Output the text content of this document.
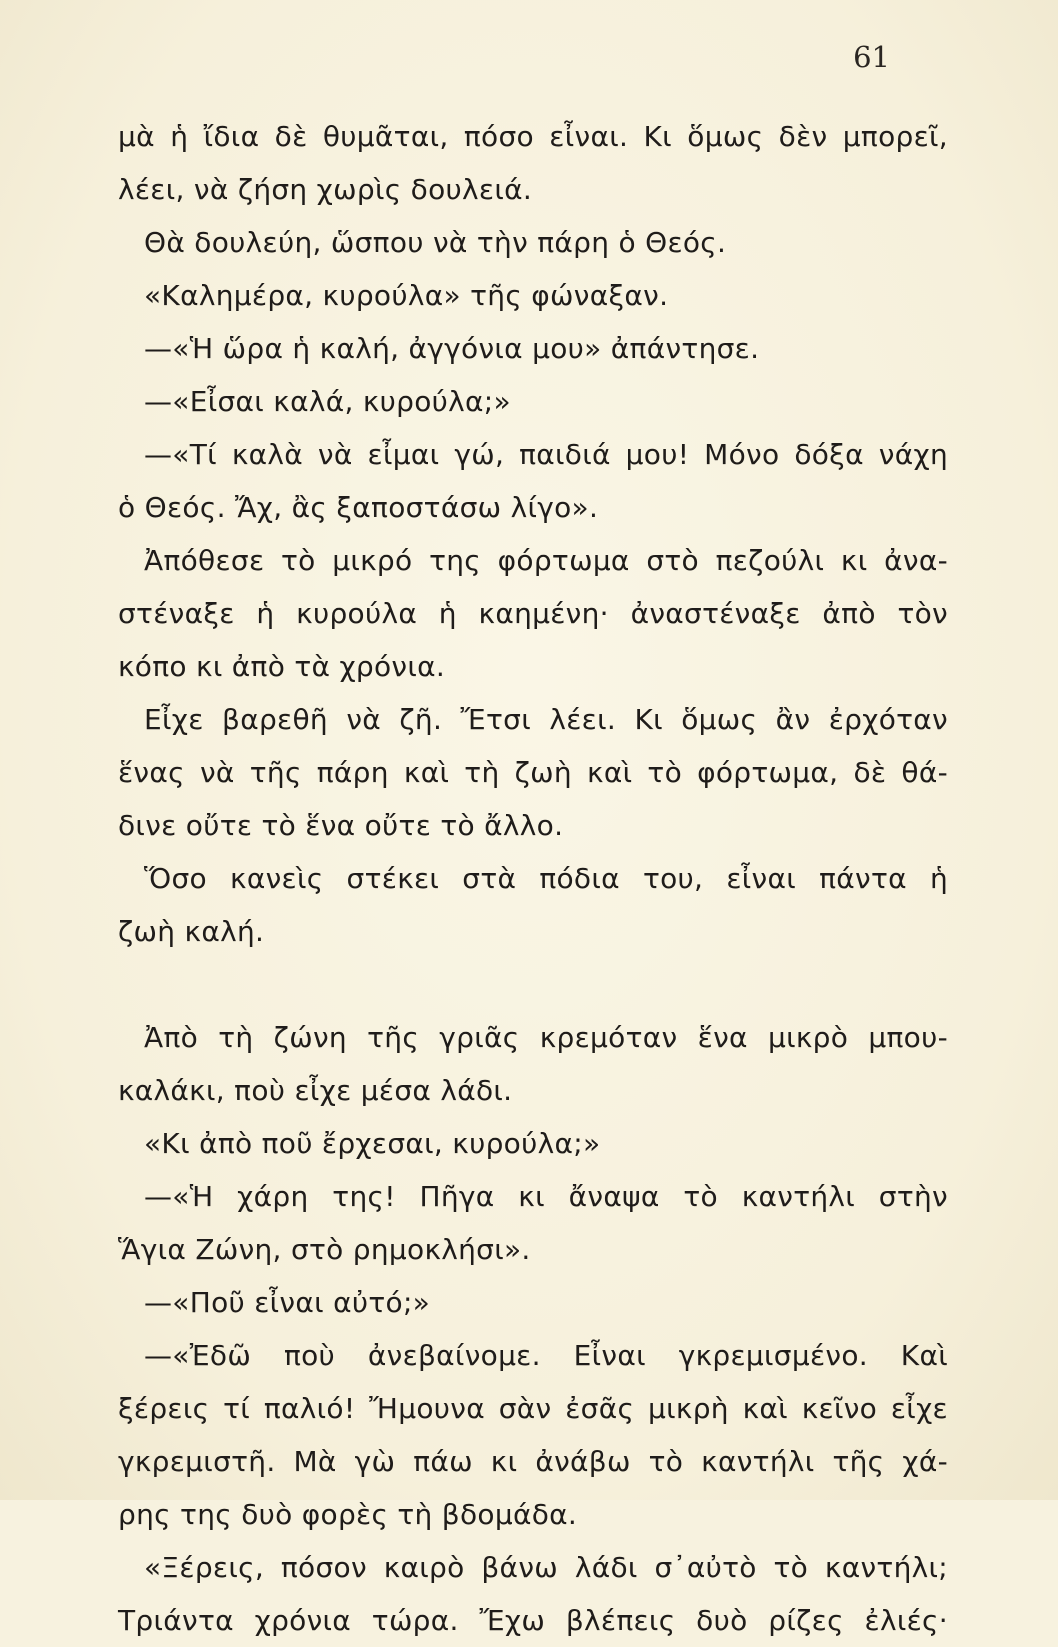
61
μὰ ἡ ἴδια δὲ θυμᾶται, πόσο εἶναι. Κι ὅμως δὲν μπορεῖ,
λέει, νὰ ζήση χωρὶς δουλειά.
Θὰ δουλεύη, ὥσπου νὰ τὴν πάρη ὁ Θεός.
«Καλημέρα, κυρούλα» τῆς φώναξαν.
—«Ἡ ὥρα ἡ καλή, ἀγγόνια μου» ἀπάντησε.
—«Εἶσαι καλά, κυρούλα;»
—«Τί καλὰ νὰ εἶμαι γώ, παιδιά μου! Μόνο δόξα νάχη
ὁ Θεός. Ἄχ, ἂς ξαποστάσω λίγο».
Ἀπόθεσε τὸ μικρό της φόρτωμα στὸ πεζούλι κι ἀνα-
στέναξε ἡ κυρούλα ἡ καημένη· ἀναστέναξε ἀπὸ τὸν
κόπο κι ἀπὸ τὰ χρόνια.
Εἶχε βαρεθῆ νὰ ζῆ. Ἔτσι λέει. Κι ὅμως ἂν ἐρχόταν
ἕνας νὰ τῆς πάρη καὶ τὴ ζωὴ καὶ τὸ φόρτωμα, δὲ θά-
δινε οὔτε τὸ ἕνα οὔτε τὸ ἄλλο.
Ὅσο κανεὶς στέκει στὰ πόδια του, εἶναι πάντα ἡ
ζωὴ καλή.
Ἀπὸ τὴ ζώνη τῆς γριᾶς κρεμόταν ἕνα μικρὸ μπου-
καλάκι, ποὺ εἶχε μέσα λάδι.
«Κι ἀπὸ ποῦ ἔρχεσαι, κυρούλα;»
—«Ἡ χάρη της! Πῆγα κι ἄναψα τὸ καντήλι στὴν
Ἅγια Ζώνη, στὸ ρημοκλήσι».
—«Ποῦ εἶναι αὐτό;»
—«Ἐδῶ ποὺ ἀνεβαίνομε. Εἶναι γκρεμισμένο. Καὶ
ξέρεις τί παλιό! Ἤμουνα σὰν ἐσᾶς μικρὴ καὶ κεῖνο εἶχε
γκρεμιστῆ. Μὰ γὼ πάω κι ἀνάβω τὸ καντήλι τῆς χά-
ρης της δυὸ φορὲς τὴ βδομάδα.
«Ξέρεις, πόσον καιρὸ βάνω λάδι σ᾿αὐτὸ τὸ καντήλι;
Τριάντα χρόνια τώρα. Ἔχω βλέπεις δυὸ ρίζες ἐλιές·
